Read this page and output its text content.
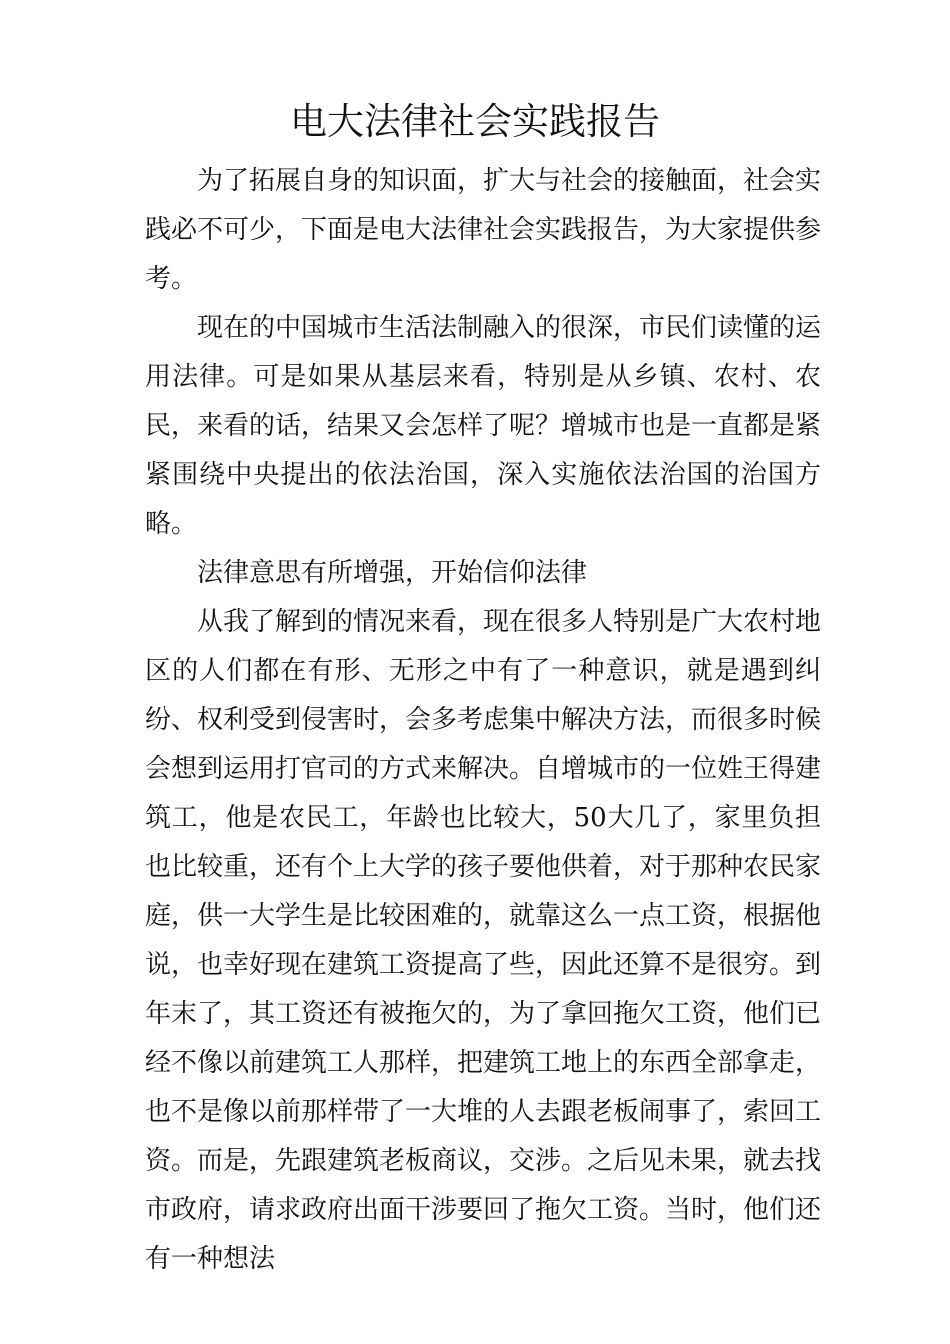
电大法律社会实践报告

为了拓展自身的知识面，扩大与社会的接触面，社会实践必不可少，下面是电大法律社会实践报告，为大家提供参考。

现在的中国城市生活法制融入的很深，市民们读懂的运用法律。可是如果从基层来看，特别是从乡镇、农村、农民，来看的话，结果又会怎样了呢？增城市也是一直都是紧紧围绕中央提出的依法治国，深入实施依法治国的治国方略。

法律意思有所增强，开始信仰法律

从我了解到的情况来看，现在很多人特别是广大农村地区的人们都在有形、无形之中有了一种意识，就是遇到纠纷、权利受到侵害时，会多考虑集中解决方法，而很多时候会想到运用打官司的方式来解决。自增城市的一位姓王得建筑工，他是农民工，年龄也比较大，50大几了，家里负担也比较重，还有个上大学的孩子要他供着，对于那种农民家庭，供一大学生是比较困难的，就靠这么一点工资，根据他说，也幸好现在建筑工资提高了些，因此还算不是很穷。到年末了，其工资还有被拖欠的，为了拿回拖欠工资，他们已经不像以前建筑工人那样，把建筑工地上的东西全部拿走，也不是像以前那样带了一大堆的人去跟老板闹事了，索回工资。而是，先跟建筑老板商议，交涉。之后见未果，就去找市政府，请求政府出面干涉要回了拖欠工资。当时，他们还有一种想法
